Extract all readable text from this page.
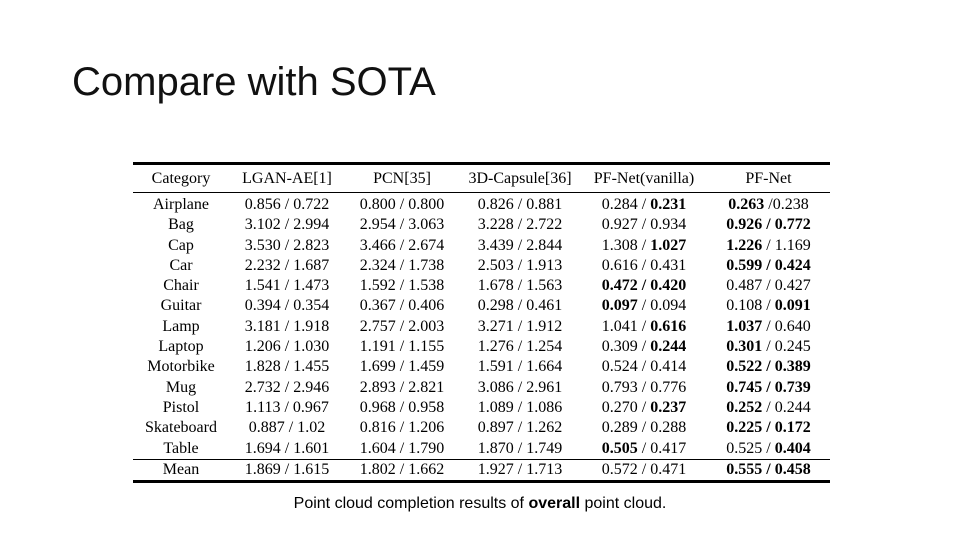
Compare with SOTA
Category	LGAN-AE[1]	PCN[35]	3D-Capsule[36]	PF-Net(vanilla)	PF-Net
Airplane	0.856 / 0.722	0.800 / 0.800	0.826 / 0.881	0.284 / 0.231	0.263 /0.238
Bag	3.102 / 2.994	2.954 / 3.063	3.228 / 2.722	0.927 / 0.934	0.926 / 0.772
Cap	3.530 / 2.823	3.466 / 2.674	3.439 / 2.844	1.308 / 1.027	1.226 / 1.169
Car	2.232 / 1.687	2.324 / 1.738	2.503 / 1.913	0.616 / 0.431	0.599 / 0.424
Chair	1.541 / 1.473	1.592 / 1.538	1.678 / 1.563	0.472 / 0.420	0.487 / 0.427
Guitar	0.394 / 0.354	0.367 / 0.406	0.298 / 0.461	0.097 / 0.094	0.108 / 0.091
Lamp	3.181 / 1.918	2.757 / 2.003	3.271 / 1.912	1.041 / 0.616	1.037 / 0.640
Laptop	1.206 / 1.030	1.191 / 1.155	1.276 / 1.254	0.309 / 0.244	0.301 / 0.245
Motorbike	1.828 / 1.455	1.699 / 1.459	1.591 / 1.664	0.524 / 0.414	0.522 / 0.389
Mug	2.732 / 2.946	2.893 / 2.821	3.086 / 2.961	0.793 / 0.776	0.745 / 0.739
Pistol	1.113 / 0.967	0.968 / 0.958	1.089 / 1.086	0.270 / 0.237	0.252 / 0.244
Skateboard	0.887 / 1.02	0.816 / 1.206	0.897 / 1.262	0.289 / 0.288	0.225 / 0.172
Table	1.694 / 1.601	1.604 / 1.790	1.870 / 1.749	0.505 / 0.417	0.525 / 0.404
Mean	1.869 / 1.615	1.802 / 1.662	1.927 / 1.713	0.572 / 0.471	0.555 / 0.458
Point cloud completion results of overall point cloud.
